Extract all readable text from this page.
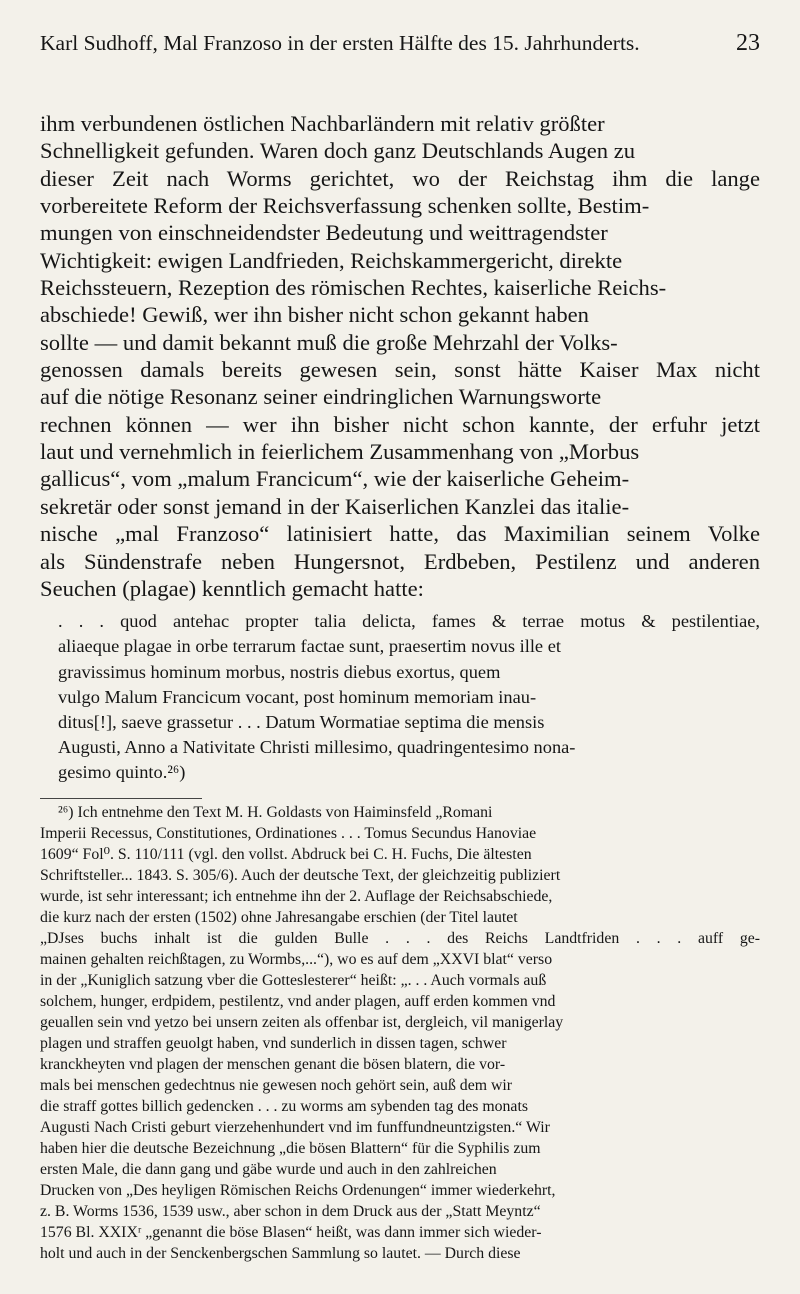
Karl Sudhoff, Mal Franzoso in der ersten Hälfte des 15. Jahrhunderts.	23
ihm verbundenen östlichen Nachbarländern mit relativ größter
Schnelligkeit gefunden. Waren doch ganz Deutschlands Augen zu
dieser Zeit nach Worms gerichtet, wo der Reichstag ihm die lange
vorbereitete Reform der Reichsverfassung schenken sollte, Bestim-
mungen von einschneidendster Bedeutung und weittragendster
Wichtigkeit: ewigen Landfrieden, Reichskammergericht, direkte
Reichssteuern, Rezeption des römischen Rechtes, kaiserliche Reichs-
abschiede! Gewiß, wer ihn bisher nicht schon gekannt haben
sollte — und damit bekannt muß die große Mehrzahl der Volks-
genossen damals bereits gewesen sein, sonst hätte Kaiser Max nicht
auf die nötige Resonanz seiner eindringlichen Warnungsworte
rechnen können — wer ihn bisher nicht schon kannte, der erfuhr jetzt
laut und vernehmlich in feierlichem Zusammenhang von „Morbus
gallicus“, vom „malum Francicum“, wie der kaiserliche Geheim-
sekretär oder sonst jemand in der Kaiserlichen Kanzlei das italie-
nische „mal Franzoso“ latinisiert hatte, das Maximilian seinem Volke
als Sündenstrafe neben Hungersnot, Erdbeben, Pestilenz und anderen
Seuchen (plagae) kenntlich gemacht hatte:
. . . quod antehac propter talia delicta, fames & terrae motus & pestilentiae,
aliaeque plagae in orbe terrarum factae sunt, praesertim novus ille et
gravissimus hominum morbus, nostris diebus exortus, quem
vulgo Malum Francicum vocant, post hominum memoriam inau-
ditus[!], saeve grassetur . . . Datum Wormatiae septima die mensis
Augusti, Anno a Nativitate Christi millesimo, quadringentesimo nona-
gesimo quinto.²⁶)
²⁶) Ich entnehme den Text M. H. Goldasts von Haiminsfeld „Romani
Imperii Recessus, Constitutiones, Ordinationes . . . Tomus Secundus Hanoviae
1609“ Fol⁰. S. 110/111 (vgl. den vollst. Abdruck bei C. H. Fuchs, Die ältesten
Schriftsteller... 1843. S. 305/6). Auch der deutsche Text, der gleichzeitig publiziert
wurde, ist sehr interessant; ich entnehme ihn der 2. Auflage der Reichsabschiede,
die kurz nach der ersten (1502) ohne Jahresangabe erschien (der Titel lautet
„DJses buchs inhalt ist die gulden Bulle . . . des Reichs Landtfriden . . . auff ge-
mainen gehalten reichßtagen, zu Wormbs,...“), wo es auf dem „XXVI blat“ verso
in der „Kuniglich satzung vber die Gotteslesterer“ heißt: „. . . Auch vormals auß
solchem, hunger, erdpidem, pestilentz, vnd ander plagen, auff erden kommen vnd
geuallen sein vnd yetzo bei unsern zeiten als offenbar ist, dergleich, vil manigerlay
plagen und straffen geuolgt haben, vnd sunderlich in dissen tagen, schwer
kranckheyten vnd plagen der menschen genant die bösen blatern, die vor-
mals bei menschen gedechtnus nie gewesen noch gehört sein, auß dem wir
die straff gottes billich gedencken . . . zu worms am sybenden tag des monats
Augusti Nach Cristi geburt vierzehenhundert vnd im funffundneuntzigsten.“ Wir
haben hier die deutsche Bezeichnung „die bösen Blattern“ für die Syphilis zum
ersten Male, die dann gang und gäbe wurde und auch in den zahlreichen
Drucken von „Des heyligen Römischen Reichs Ordenungen“ immer wiederkehrt,
z. B. Worms 1536, 1539 usw., aber schon in dem Druck aus der „Statt Meyntz“
1576 Bl. XXIXʳ „genannt die böse Blasen“ heißt, was dann immer sich wieder-
holt und auch in der Senckenbergschen Sammlung so lautet. — Durch diese
